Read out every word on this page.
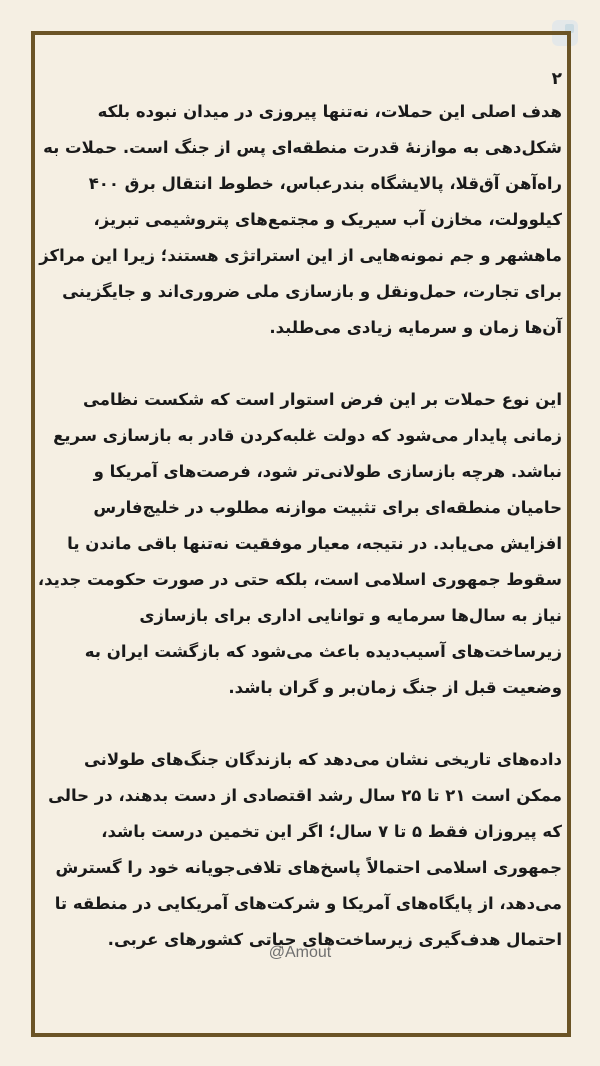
۲

هدف اصلی این حملات، نه‌تنها پیروزی در میدان نبوده بلکه شکل‌دهی به موازنهٔ قدرت منطقه‌ای پس از جنگ است. حملات به راه‌آهن آق‌قلا، پالایشگاه بندرعباس، خطوط انتقال برق ۴۰۰ کیلوولت، مخازن آب سیریک و مجتمع‌های پتروشیمی تبریز، ماهشهر و جم نمونه‌هایی از این استراتژی هستند؛ زیرا این مراکز برای تجارت، حمل‌ونقل و بازسازی ملی ضروری‌اند و جایگزینی آن‌ها زمان و سرمایه زیادی می‌طلبد.

این نوع حملات بر این فرض استوار است که شکست نظامی زمانی پایدار می‌شود که دولت غلبه‌کردن قادر به بازسازی سریع نباشد. هرچه بازسازی طولانی‌تر شود، فرصت‌های آمریکا و حامیان منطقه‌ای برای تثبیت موازنه مطلوب در خلیج‌فارس افزایش می‌یابد. در نتیجه، معیار موفقیت نه‌تنها باقی ماندن یا سقوط جمهوری اسلامی است، بلکه حتی در صورت حکومت جدید، نیاز به سال‌ها سرمایه و توانایی اداری برای بازسازی زیرساخت‌های آسیب‌دیده باعث می‌شود که بازگشت ایران به وضعیت قبل از جنگ زمان‌بر و گران باشد.

داده‌های تاریخی نشان می‌دهد که بازندگان جنگ‌های طولانی ممکن است ۲۱ تا ۲۵ سال رشد اقتصادی از دست بدهند، در حالی که پیروزان فقط ۵ تا ۷ سال؛ اگر این تخمین درست باشد، جمهوری اسلامی احتمالاً پاسخ‌های تلافی‌جویانه خود را گسترش می‌دهد، از پایگاه‌های آمریکا و شرکت‌های آمریکایی در منطقه تا احتمال هدف‌گیری زیرساخت‌های حیاتی کشورهای عربی.

@Amout
